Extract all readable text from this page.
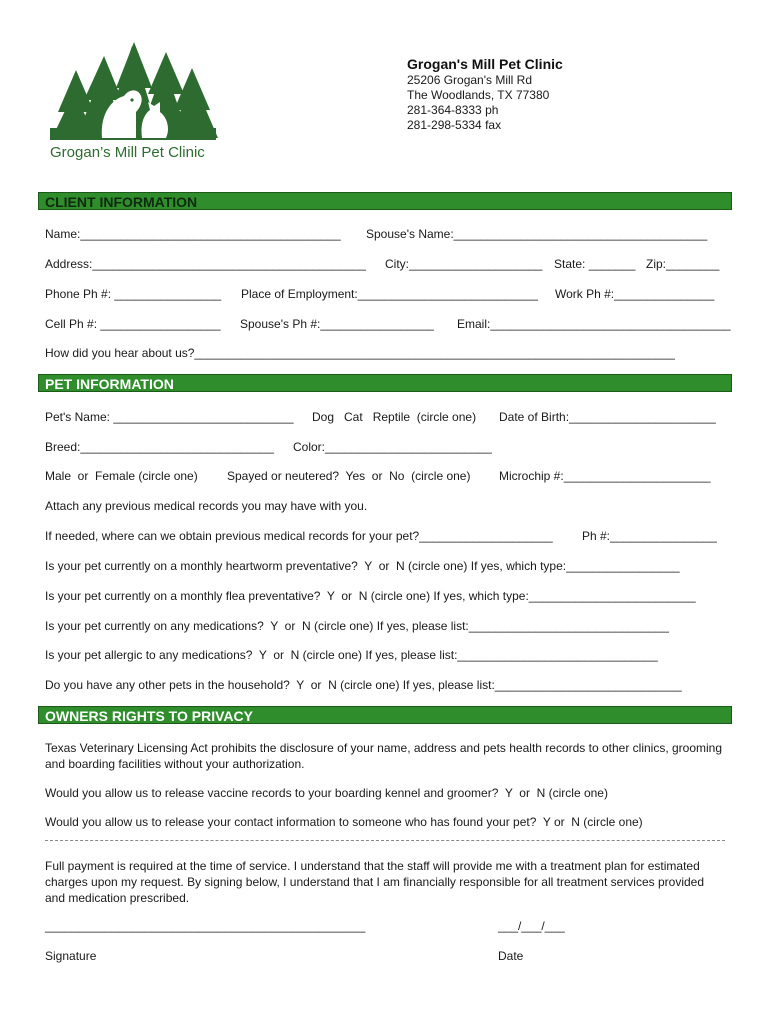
Grogan’s Mill Pet Clinic
Grogan's Mill Pet Clinic
25206 Grogan's Mill Rd
The Woodlands, TX 77380
281-364-8333 ph
281-298-5334 fax
CLIENT INFORMATION
Name:_______________________________________ Spouse's Name:______________________________________
Address:_________________________________________ City:____________________ State: _______ Zip:________
Phone Ph #: ________________ Place of Employment:___________________________ Work Ph #:_______________
Cell Ph #: __________________ Spouse's Ph #:_________________ Email:____________________________________
How did you hear about us?________________________________________________________________________
PET INFORMATION
Pet's Name: ___________________________ Dog   Cat   Reptile  (circle one) Date of Birth:______________________
Breed:_____________________________ Color:_________________________
Male  or  Female (circle one) Spayed or neutered?  Yes  or  No  (circle one) Microchip #:______________________
Attach any previous medical records you may have with you.
If needed, where can we obtain previous medical records for your pet?____________________ Ph #:________________
Is your pet currently on a monthly heartworm preventative?  Y  or  N (circle one) If yes, which type:_________________
Is your pet currently on a monthly flea preventative?  Y  or  N (circle one) If yes, which type:_________________________
Is your pet currently on any medications?  Y  or  N (circle one) If yes, please list:______________________________
Is your pet allergic to any medications?  Y  or  N (circle one) If yes, please list:______________________________
Do you have any other pets in the household?  Y  or  N (circle one) If yes, please list:____________________________
OWNERS RIGHTS TO PRIVACY
Texas Veterinary Licensing Act prohibits the disclosure of your name, address and pets health records to other clinics, grooming and boarding facilities without your authorization.
Would you allow us to release vaccine records to your boarding kennel and groomer?  Y  or  N (circle one)
Would you allow us to release your contact information to someone who has found your pet?  Y or  N (circle one)
Full payment is required at the time of service. I understand that the staff will provide me with a treatment plan for estimated charges upon my request. By signing below, I understand that I am financially responsible for all treatment services provided and medication prescribed.
________________________________________________	___/___/___
Signature	Date
